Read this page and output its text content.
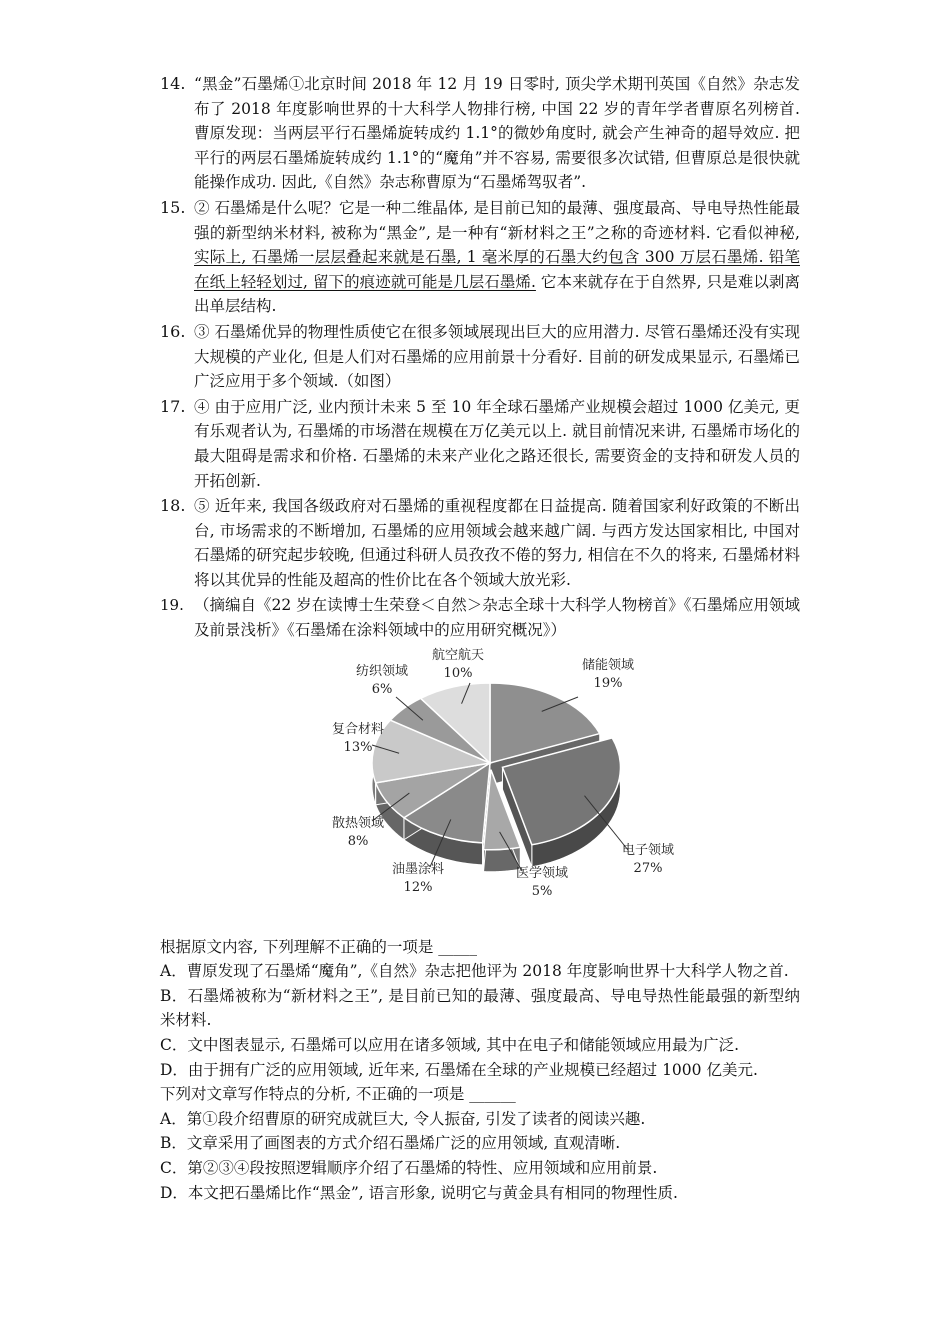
14. “黑金”石墨烯①北京时间 2018 年 12 月 19 日零时, 顶尖学术期刊英国《自然》杂志发布了 2018 年度影响世界的十大科学人物排行榜, 中国 22 岁的青年学者曹原名列榜首. 曹原发现：当两层平行石墨烯旋转成约 1.1°的微妙角度时, 就会产生神奇的超导效应. 把平行的两层石墨烯旋转成约 1.1°的“魔角”并不容易, 需要很多次试错, 但曹原总是很快就能操作成功. 因此,《自然》杂志称曹原为“石墨烯驾驭者”.
15. ② 石墨烯是什么呢？它是一种二维晶体, 是目前已知的最薄、强度最高、导电导热性能最强的新型纳米材料, 被称为“黑金”, 是一种有“新材料之王”之称的奇迹材料. 它看似神秘, 实际上, 石墨烯一层层叠起来就是石墨, 1 毫米厚的石墨大约包含 300 万层石墨烯. 铅笔在纸上轻轻划过, 留下的痕迹就可能是几层石墨烯. 它本来就存在于自然界, 只是难以剥离出单层结构.
16. ③ 石墨烯优异的物理性质使它在很多领域展现出巨大的应用潜力. 尽管石墨烯还没有实现大规模的产业化, 但是人们对石墨烯的应用前景十分看好. 目前的研发成果显示, 石墨烯已广泛应用于多个领域.（如图）
17. ④ 由于应用广泛, 业内预计未来 5 至 10 年全球石墨烯产业规模会超过 1000 亿美元, 更有乐观者认为, 石墨烯的市场潜在规模在万亿美元以上. 就目前情况来讲, 石墨烯市场化的最大阻碍是需求和价格. 石墨烯的未来产业化之路还很长, 需要资金的支持和研发人员的开拓创新.
18. ⑤ 近年来, 我国各级政府对石墨烯的重视程度都在日益提高. 随着国家利好政策的不断出台, 市场需求的不断增加, 石墨烯的应用领域会越来越广阔. 与西方发达国家相比, 中国对石墨烯的研究起步较晚, 但通过科研人员孜孜不倦的努力, 相信在不久的将来, 石墨烯材料将以其优异的性能及超高的性价比在各个领域大放光彩.
19. （摘编自《22 岁在读博士生荣登＜自然＞杂志全球十大科学人物榜首》《石墨烯应用领域及前景浅析》《石墨烯在涂料领域中的应用研究概况》）
储能领域
19%
电子领域
27%
医学领域
5%
油墨涂料
12%
散热领域
8%
复合材料
13%
纺织领域
6%
航空航天
10%
根据原文内容, 下列理解不正确的一项是 _____
A．曹原发现了石墨烯“魔角”,《自然》杂志把他评为 2018 年度影响世界十大科学人物之首.
B．石墨烯被称为“新材料之王”, 是目前已知的最薄、强度最高、导电导热性能最强的新型纳米材料.
C．文中图表显示, 石墨烯可以应用在诸多领域, 其中在电子和储能领域应用最为广泛.
D．由于拥有广泛的应用领域, 近年来, 石墨烯在全球的产业规模已经超过 1000 亿美元.
下列对文章写作特点的分析, 不正确的一项是 ______
A．第①段介绍曹原的研究成就巨大, 令人振奋, 引发了读者的阅读兴趣.
B．文章采用了画图表的方式介绍石墨烯广泛的应用领域, 直观清晰.
C．第②③④段按照逻辑顺序介绍了石墨烯的特性、应用领域和应用前景.
D．本文把石墨烯比作“黑金”, 语言形象, 说明它与黄金具有相同的物理性质.
